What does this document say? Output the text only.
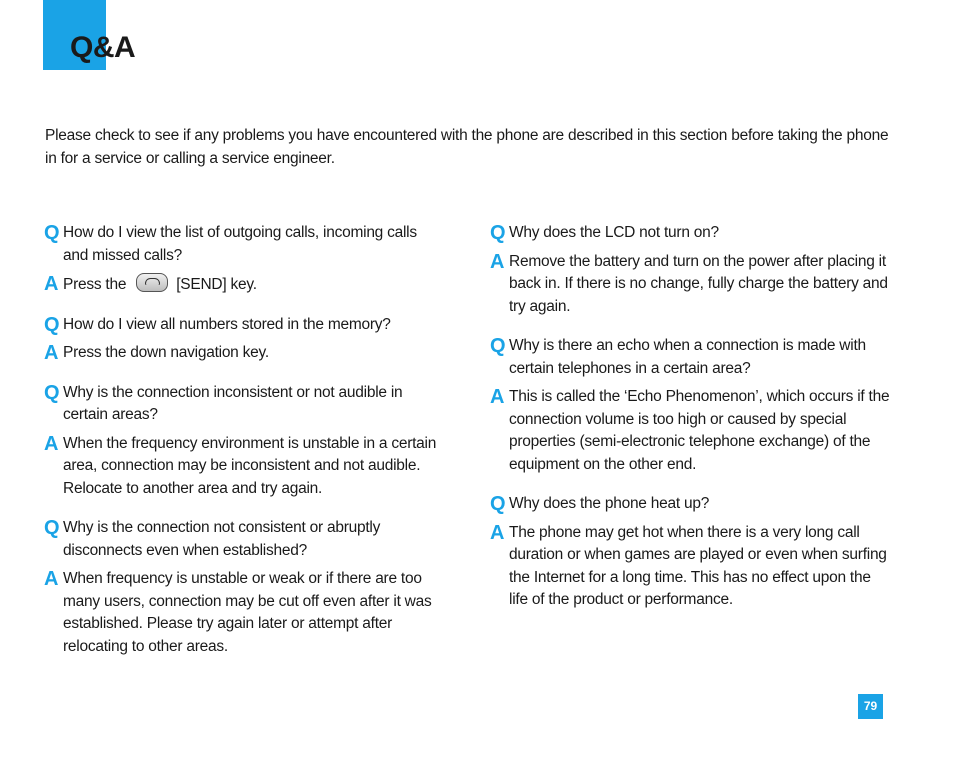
Q&A

Please check to see if any problems you have encountered with the phone are described in this section before taking the phone in for a service or calling a service engineer.

Q How do I view the list of outgoing calls, incoming calls and missed calls?
A Press the	[SEND] key.
Q How do I view all numbers stored in the memory?
A Press the down navigation key.
Q Why is the connection inconsistent or not audible in certain areas?
A When the frequency environment is unstable in a certain area, connection may be inconsistent and not audible. Relocate to another area and try again.
Q Why is the connection not consistent or abruptly disconnects even when established?
A When frequency is unstable or weak or if there are too many users, connection may be cut off even after it was established. Please try again later or attempt after relocating to other areas.
Q Why does the LCD not turn on?
A Remove the battery and turn on the power after placing it back in. If there is no change, fully charge the battery and try again.
Q Why is there an echo when a connection is made with certain telephones in a certain area?
A This is called the ‘Echo Phenomenon’, which occurs if the connection volume is too high or caused by special properties (semi-electronic telephone exchange) of the equipment on the other end.
Q Why does the phone heat up?
A The phone may get hot when there is a very long call duration or when games are played or even when surfing the Internet for a long time. This has no effect upon the life of the product or performance.
79
